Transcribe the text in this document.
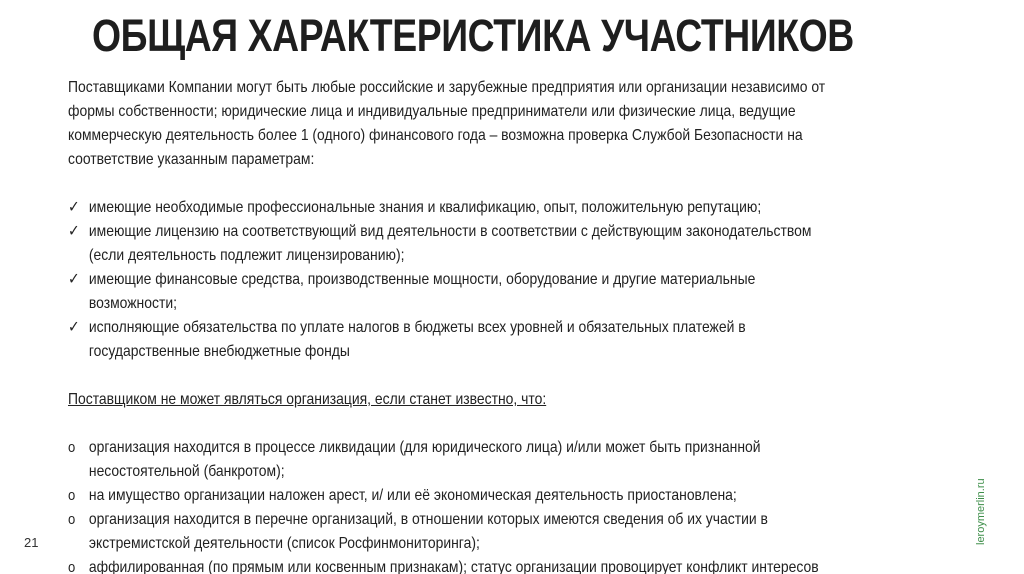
ОБЩАЯ ХАРАКТЕРИСТИКА УЧАСТНИКОВ
Поставщиками Компании могут быть любые российские и зарубежные предприятия или организации независимо от
формы собственности; юридические лица и индивидуальные предприниматели или физические лица, ведущие
коммерческую деятельность более 1 (одного) финансового года – возможна проверка Службой Безопасности на
соответствие указанным параметрам:
✓ имеющие необходимые профессиональные знания и квалификацию, опыт, положительную репутацию;
✓ имеющие лицензию на соответствующий вид деятельности в соответствии с действующим законодательством
(если деятельность подлежит лицензированию);
✓ имеющие финансовые средства, производственные мощности, оборудование и другие материальные
возможности;
✓ исполняющие обязательства по уплате налогов в бюджеты всех уровней и обязательных платежей в
государственные внебюджетные фонды
Поставщиком не может являться организация, если станет известно, что:
o организация находится в процессе ликвидации (для юридического лица) и/или может быть признанной
несостоятельной (банкротом);
o на имущество организации наложен арест, и/ или её экономическая деятельность приостановлена;
o организация находится в перечне организаций, в отношении которых имеются сведения об их участии в
экстремистской деятельности (список Росфинмониторинга);
o аффилированная (по прямым или косвенным признакам); статус организации провоцирует конфликт интересов
21	leroymerlin.ru
